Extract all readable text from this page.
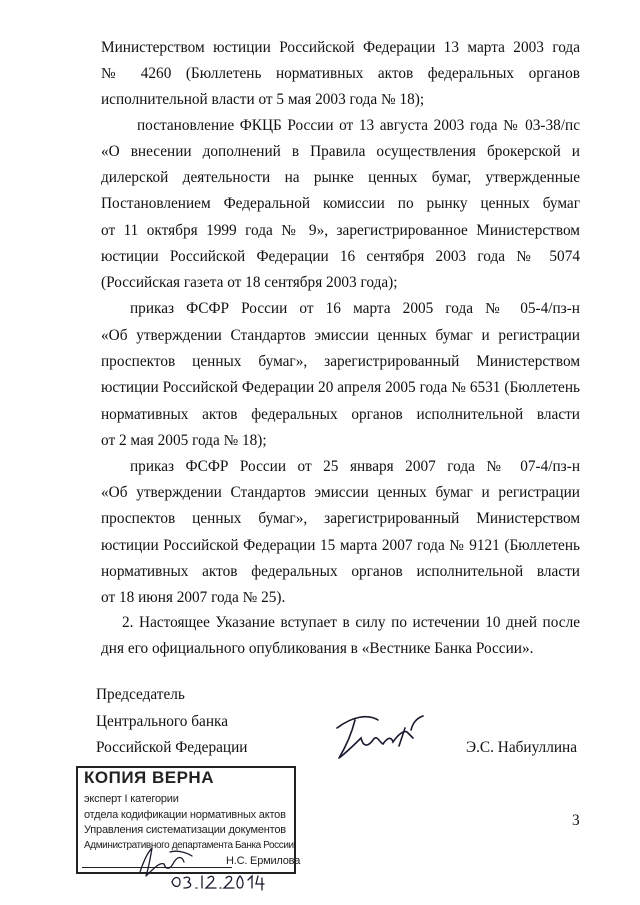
Министерством юстиции Российской Федерации 13 марта 2003 года
№ 4260 (Бюллетень нормативных актов федеральных органов
исполнительной власти от 5 мая 2003 года № 18);
постановление ФКЦБ России от 13 августа 2003 года № 03-38/пс
«О внесении дополнений в Правила осуществления брокерской и
дилерской деятельности на рынке ценных бумаг, утвержденные
Постановлением Федеральной комиссии по рынку ценных бумаг
от 11 октября 1999 года № 9», зарегистрированное Министерством
юстиции Российской Федерации 16 сентября 2003 года № 5074
(Российская газета от 18 сентября 2003 года);
приказ ФСФР России от 16 марта 2005 года № 05-4/пз-н
«Об утверждении Стандартов эмиссии ценных бумаг и регистрации
проспектов ценных бумаг», зарегистрированный Министерством
юстиции Российской Федерации 20 апреля 2005 года № 6531 (Бюллетень
нормативных актов федеральных органов исполнительной власти
от 2 мая 2005 года № 18);
приказ ФСФР России от 25 января 2007 года № 07-4/пз-н
«Об утверждении Стандартов эмиссии ценных бумаг и регистрации
проспектов ценных бумаг», зарегистрированный Министерством
юстиции Российской Федерации 15 марта 2007 года № 9121 (Бюллетень
нормативных актов федеральных органов исполнительной власти
от 18 июня 2007 года № 25).
2. Настоящее Указание вступает в силу по истечении 10 дней после
дня его официального опубликования в «Вестнике Банка России».
Председатель
Центрального банка
Российской Федерации	Э.С. Набиуллина
3
КОПИЯ ВЕРНА
эксперт I категории
отдела кодификации нормативных актов
Управления систематизации документов
Административного департамента Банка России
Н.С. Ермилова
